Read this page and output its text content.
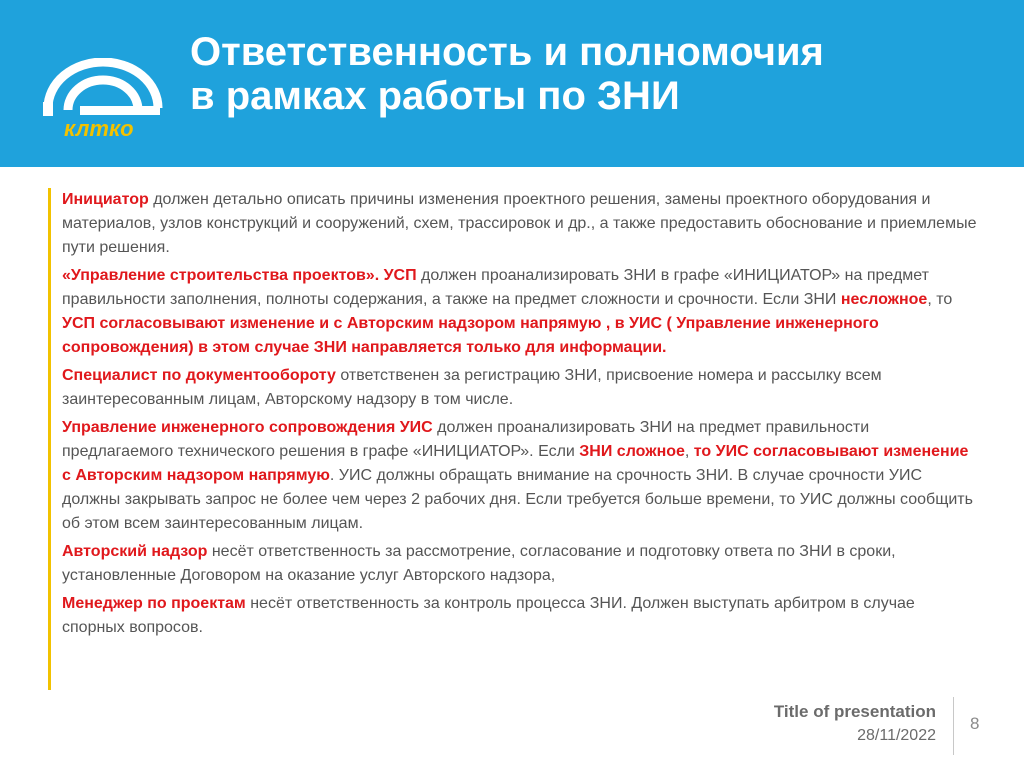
клтко
Ответственность и полномочия
в рамках работы по ЗНИ

Инициатор должен детально описать причины изменения проектного решения, замены проектного оборудования и материалов, узлов конструкций и сооружений, схем, трассировок и др., а также предоставить обоснование и приемлемые пути решения.

«Управление строительства проектов». УСП должен проанализировать ЗНИ в графе «ИНИЦИАТОР» на предмет правильности заполнения, полноты содержания, а также на предмет сложности и срочности. Если ЗНИ несложное, то УСП согласовывают изменение и с Авторским надзором напрямую , в УИС ( Управление инженерного сопровождения) в этом случае ЗНИ направляется только для информации.

Специалист по документообороту ответственен за регистрацию ЗНИ, присвоение номера и рассылку всем заинтересованным лицам, Авторскому надзору в том числе.

Управление инженерного сопровождения УИС должен проанализировать ЗНИ на предмет правильности предлагаемого технического решения в графе «ИНИЦИАТОР». Если ЗНИ сложное, то УИС согласовывают изменение с Авторским надзором напрямую. УИС должны обращать внимание на срочность ЗНИ. В случае срочности УИС должны закрывать запрос не более чем через 2 рабочих дня. Если требуется больше времени, то УИС должны сообщить об этом всем заинтересованным лицам.

Авторский надзор несёт ответственность за рассмотрение, согласование и подготовку ответа по ЗНИ в сроки, установленные Договором на оказание услуг Авторского надзора,

Менеджер по проектам несёт ответственность за контроль процесса ЗНИ. Должен выступать арбитром в случае спорных вопросов.

Title of presentation
28/11/2022
8
